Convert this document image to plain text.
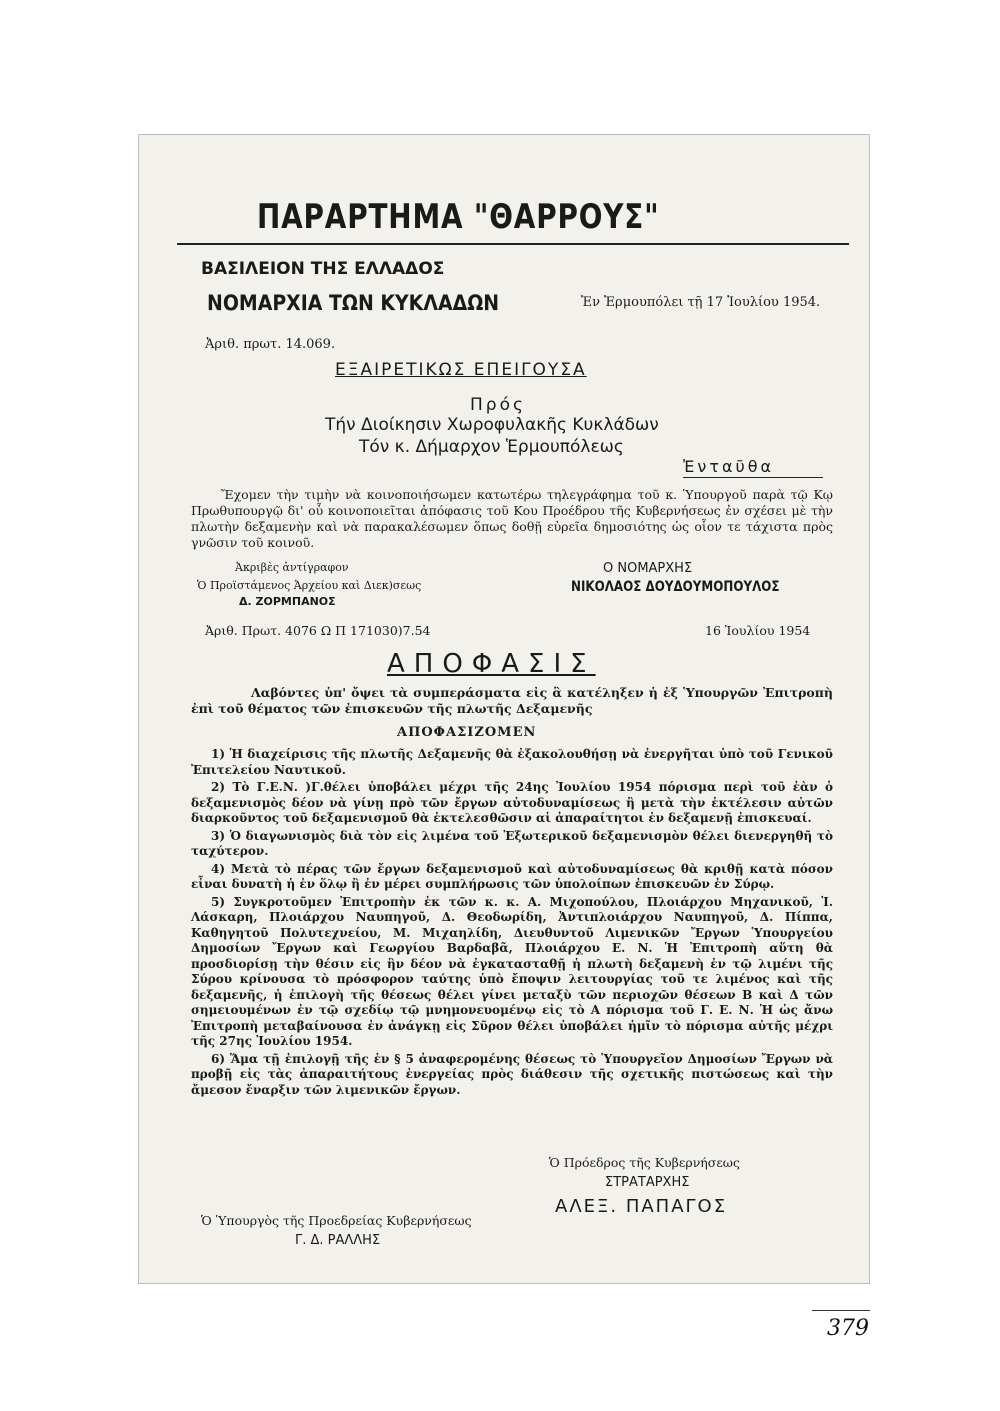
ΠΑΡΑΡΤΗΜΑ "ΘΑΡΡΟΥΣ"
ΒΑΣΙΛΕΙΟΝ ΤΗΣ ΕΛΛΑΔΟΣ
ΝΟΜΑΡΧΙΑ ΤΩΝ ΚΥΚΛΑΔΩΝ	Ἐν Ἑρμουπόλει τῇ 17 Ἰουλίου 1954.
Ἀριθ. πρωτ. 14.069.
ΕΞΑΙΡΕΤΙΚΩΣ ΕΠΕΙΓΟΥΣΑ
Πρός
Τήν Διοίκησιν Χωροφυλακῆς Κυκλάδων
Τόν κ. Δήμαρχον Ἑρμουπόλεως
Ἐνταῦθα
Ἔχομεν τὴν τιμὴν νὰ κοινοποιήσωμεν κατωτέρω τηλεγράφημα τοῦ κ. Ὑπουργοῦ παρὰ τῷ Κῳ Πρωθυπουργῷ δι' οὗ κοινοποιεῖται ἀπόφασις τοῦ Κου Προέδρου τῆς Κυβερνήσεως ἐν σχέσει μὲ τὴν πλωτὴν δεξαμενὴν καὶ νὰ παρακαλέσωμεν ὅπως δοθῇ εὐρεῖα δημοσιότης ὡς οἷον τε τάχιστα πρὸς γνῶσιν τοῦ κοινοῦ.
Ἀκριβὲς ἀντίγραφον
Ὁ Προϊστάμενος Ἀρχείου καὶ Διεκ)σεως
Δ. ΖΟΡΜΠΑΝΟΣ
Ο ΝΟΜΑΡΧΗΣ
ΝΙΚΟΛΑΟΣ ΔΟΥΔΟΥΜΟΠΟΥΛΟΣ
Ἀριθ. Πρωτ. 4076 Ω Π 171030)7.54	16 Ἰουλίου 1954
ΑΠΟΦΑΣΙΣ
Λαβόντες ὑπ' ὄψει τὰ συμπεράσματα εἰς ἃ κατέληξεν ἡ ἐξ Ὑπουργῶν Ἐπιτροπὴ ἐπὶ τοῦ θέματος τῶν ἐπισκευῶν τῆς πλωτῆς Δεξαμενῆς
ΑΠΟΦΑΣΙΖΟΜΕΝ

1) Ἡ διαχείρισις τῆς πλωτῆς Δεξαμενῆς θὰ ἐξακολουθήσῃ νὰ ἐνεργῆται ὑπὸ τοῦ Γενικοῦ Ἐπιτελείου Ναυτικοῦ.

2) Τὸ Γ.Ε.Ν. )Γ.θέλει ὑποβάλει μέχρι τῆς 24ης Ἰουλίου 1954 πόρισμα περὶ τοῦ ἐὰν ὁ δεξαμενισμὸς δέον νὰ γίνῃ πρὸ τῶν ἔργων αὐτοδυναμίσεως ἢ μετὰ τὴν ἐκτέλεσιν αὐτῶν διαρκοῦντος τοῦ δεξαμενισμοῦ θὰ ἐκτελεσθῶσιν αἱ ἀπαραίτητοι ἐν δεξαμενῇ ἐπισκευαί.

3) Ὁ διαγωνισμὸς διὰ τὸν εἰς λιμένα τοῦ Ἐξωτερικοῦ δεξαμενισμὸν θέλει διενεργηθῆ τὸ ταχύτερον.

4) Μετὰ τὸ πέρας τῶν ἔργων δεξαμενισμοῦ καὶ αὐτοδυναμίσεως θὰ κριθῇ κατὰ πόσον εἶναι δυνατὴ ἡ ἐν ὅλῳ ἢ ἐν μέρει συμπλήρωσις τῶν ὑπολοίπων ἐπισκευῶν ἐν Σύρῳ.

5) Συγκροτοῦμεν Ἐπιτροπὴν ἐκ τῶν κ. κ. Α. Μιχοπούλου, Πλοιάρχου Μηχανικοῦ, Ἰ. Λάσκαρη, Πλοιάρχου Ναυπηγοῦ, Δ. Θεοδωρίδη, Ἀντιπλοιάρχου Ναυπηγοῦ, Δ. Πίππα, Καθηγητοῦ Πολυτεχνείου, Μ. Μιχαηλίδη, Διευθυντοῦ Λιμενικῶν Ἔργων Ὑπουργείου Δημοσίων Ἔργων καὶ Γεωργίου Βαρδαβᾶ, Πλοιάρχου Ε. Ν. Ἡ Ἐπιτροπὴ αὕτη θὰ προσδιορίσῃ τὴν θέσιν εἰς ἣν δέον νὰ ἐγκατασταθῇ ἡ πλωτὴ δεξαμενὴ ἐν τῷ λιμένι τῆς Σύρου κρίνουσα τὸ πρόσφορον ταύτης ὑπὸ ἔποψιν λειτουργίας τοῦ τε λιμένος καὶ τῆς δεξαμενῆς, ἡ ἐπιλογὴ τῆς θέσεως θέλει γίνει μεταξὺ τῶν περιοχῶν θέσεων Β καὶ Δ τῶν σημειουμένων ἐν τῷ σχεδίῳ τῷ μνημονευομένῳ εἰς τὸ Α πόρισμα τοῦ Γ. Ε. Ν. Ἡ ὡς ἄνω Ἐπιτροπὴ μεταβαίνουσα ἐν ἀνάγκῃ εἰς Σῦρον θέλει ὑποβάλει ἡμῖν τὸ πόρισμα αὐτῆς μέχρι τῆς 27ης Ἰουλίου 1954.

6) Ἅμα τῇ ἐπιλογῇ τῆς ἐν § 5 ἀναφερομένης θέσεως τὸ Ὑπουργεῖον Δημοσίων Ἔργων νὰ προβῇ εἰς τὰς ἀπαραιτήτους ἐνεργείας πρὸς διάθεσιν τῆς σχετικῆς πιστώσεως καὶ τὴν ἄμεσον ἔναρξιν τῶν λιμενικῶν ἔργων.

Ὁ Πρόεδρος τῆς Κυβερνήσεως
ΣΤΡΑΤΑΡΧΗΣ
ΑΛΕΞ. ΠΑΠΑΓΟΣ
Ὁ Ὑπουργὸς τῆς Προεδρείας Κυβερνήσεως
Γ. Δ. ΡΑΛΛΗΣ
379
